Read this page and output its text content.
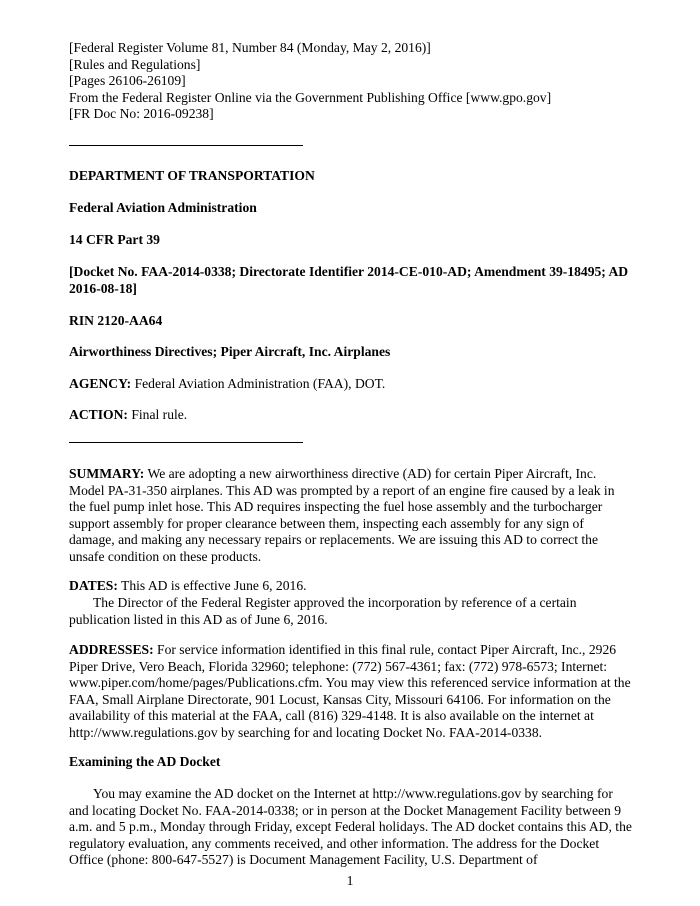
[Federal Register Volume 81, Number 84 (Monday, May 2, 2016)]
[Rules and Regulations]
[Pages 26106-26109]
From the Federal Register Online via the Government Publishing Office [www.gpo.gov]
[FR Doc No: 2016-09238]
DEPARTMENT OF TRANSPORTATION
Federal Aviation Administration
14 CFR Part 39
[Docket No. FAA-2014-0338; Directorate Identifier 2014-CE-010-AD; Amendment 39-18495; AD 2016-08-18]
RIN 2120-AA64
Airworthiness Directives; Piper Aircraft, Inc. Airplanes
AGENCY: Federal Aviation Administration (FAA), DOT.
ACTION: Final rule.

SUMMARY: We are adopting a new airworthiness directive (AD) for certain Piper Aircraft, Inc. Model PA-31-350 airplanes. This AD was prompted by a report of an engine fire caused by a leak in the fuel pump inlet hose. This AD requires inspecting the fuel hose assembly and the turbocharger support assembly for proper clearance between them, inspecting each assembly for any sign of damage, and making any necessary repairs or replacements. We are issuing this AD to correct the unsafe condition on these products.

DATES: This AD is effective June 6, 2016.

The Director of the Federal Register approved the incorporation by reference of a certain publication listed in this AD as of June 6, 2016.

ADDRESSES: For service information identified in this final rule, contact Piper Aircraft, Inc., 2926 Piper Drive, Vero Beach, Florida 32960; telephone: (772) 567-4361; fax: (772) 978-6573; Internet: www.piper.com/home/pages/Publications.cfm. You may view this referenced service information at the FAA, Small Airplane Directorate, 901 Locust, Kansas City, Missouri 64106. For information on the availability of this material at the FAA, call (816) 329-4148. It is also available on the internet at http://www.regulations.gov by searching for and locating Docket No. FAA-2014-0338.

Examining the AD Docket

You may examine the AD docket on the Internet at http://www.regulations.gov by searching for and locating Docket No. FAA-2014-0338; or in person at the Docket Management Facility between 9 a.m. and 5 p.m., Monday through Friday, except Federal holidays. The AD docket contains this AD, the regulatory evaluation, any comments received, and other information. The address for the Docket Office (phone: 800-647-5527) is Document Management Facility, U.S. Department of

1
